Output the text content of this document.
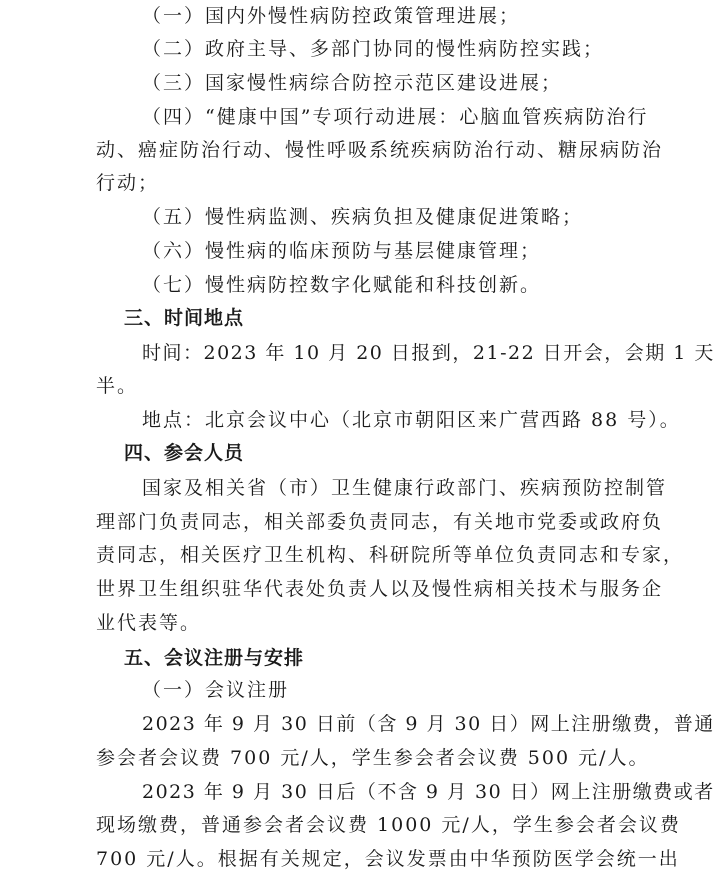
（一）国内外慢性病防控政策管理进展；
（二）政府主导、多部门协同的慢性病防控实践；
（三）国家慢性病综合防控示范区建设进展；
（四）“健康中国”专项行动进展：心脑血管疾病防治行
动、癌症防治行动、慢性呼吸系统疾病防治行动、糖尿病防治
行动；
（五）慢性病监测、疾病负担及健康促进策略；
（六）慢性病的临床预防与基层健康管理；
（七）慢性病防控数字化赋能和科技创新。
三、时间地点
时间：2023 年 10 月 20 日报到，21-22 日开会，会期 1 天
半。
地点：北京会议中心（北京市朝阳区来广营西路 88 号）。
四、参会人员
国家及相关省（市）卫生健康行政部门、疾病预防控制管
理部门负责同志，相关部委负责同志，有关地市党委或政府负
责同志，相关医疗卫生机构、科研院所等单位负责同志和专家，
世界卫生组织驻华代表处负责人以及慢性病相关技术与服务企
业代表等。
五、会议注册与安排
（一）会议注册
2023 年 9 月 30 日前（含 9 月 30 日）网上注册缴费，普通
参会者会议费 700 元/人，学生参会者会议费 500 元/人。
2023 年 9 月 30 日后（不含 9 月 30 日）网上注册缴费或者
现场缴费，普通参会者会议费 1000 元/人，学生参会者会议费
700 元/人。根据有关规定，会议发票由中华预防医学会统一出
